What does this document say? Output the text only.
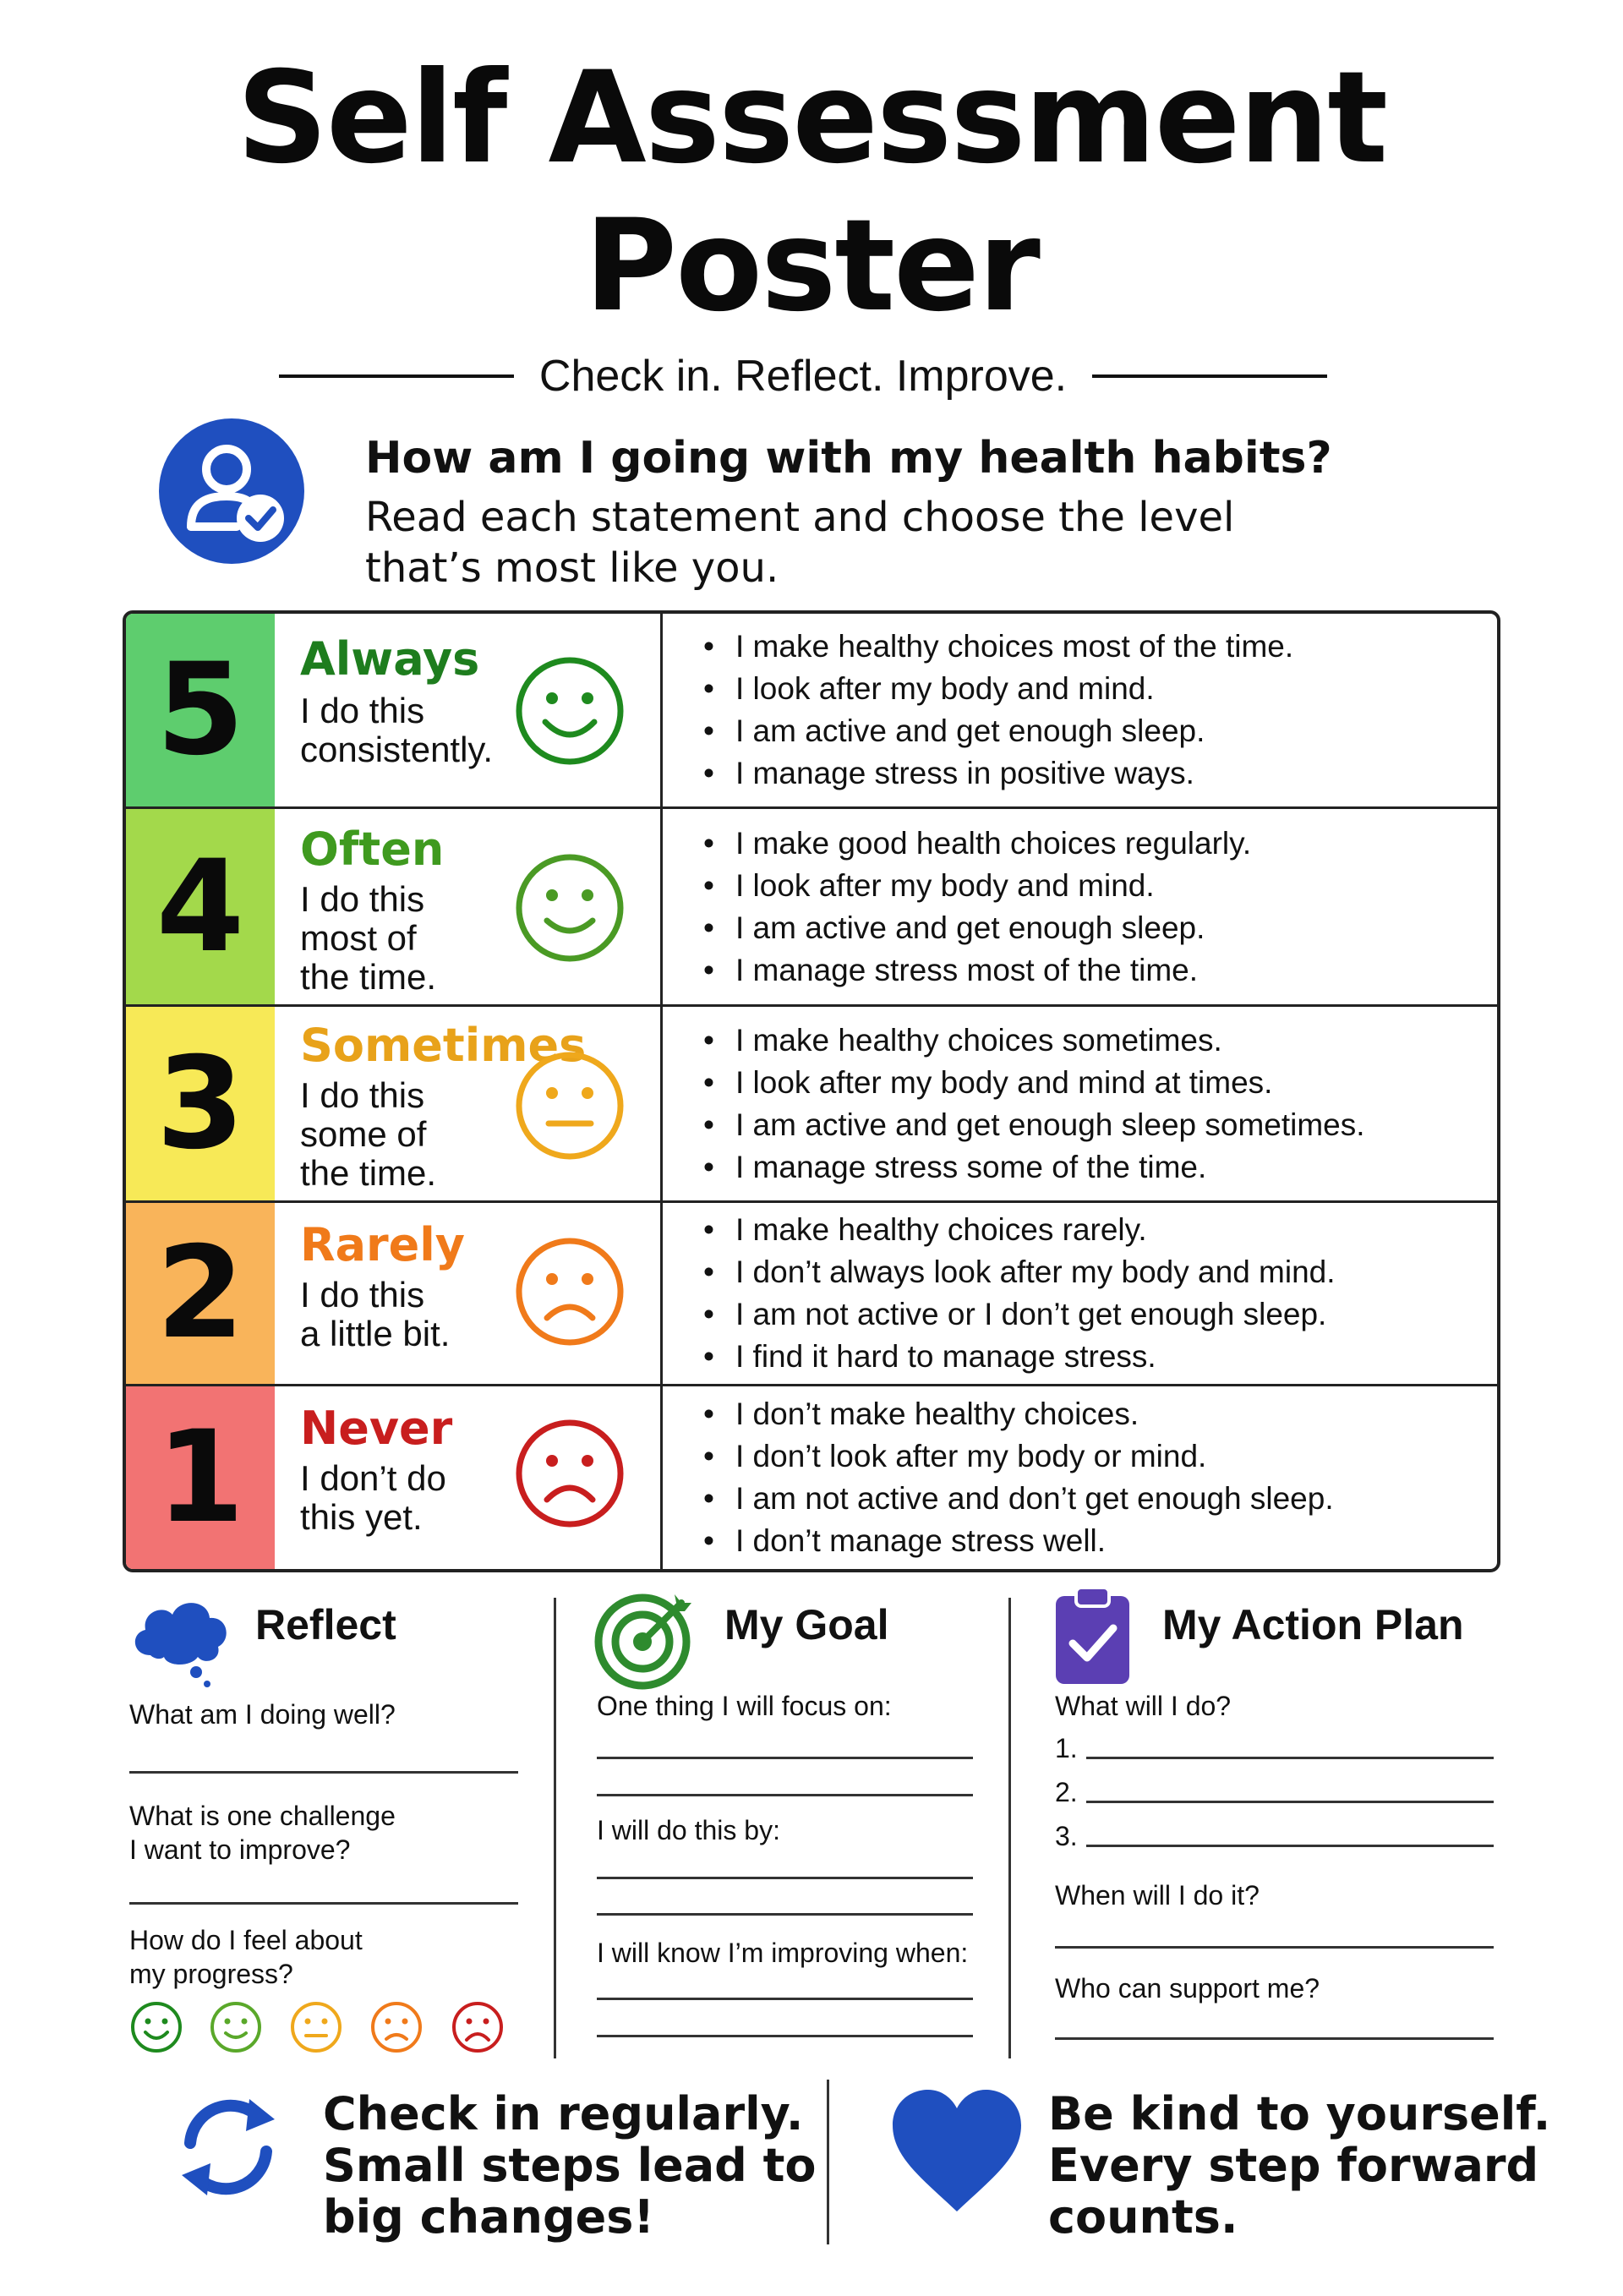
Self Assessment
Poster
Check in. Reflect. Improve.
How am I going with my health habits?
Read each statement and choose the level
that’s most like you.
5	Always
I do this
consistently.
• I make healthy choices most of the time.
• I look after my body and mind.
• I am active and get enough sleep.
• I manage stress in positive ways.
4	Often
I do this
most of
the time.
• I make good health choices regularly.
• I look after my body and mind.
• I am active and get enough sleep.
• I manage stress most of the time.
3	Sometimes
I do this
some of
the time.
• I make healthy choices sometimes.
• I look after my body and mind at times.
• I am active and get enough sleep sometimes.
• I manage stress some of the time.
2	Rarely
I do this
a little bit.
• I make healthy choices rarely.
• I don’t always look after my body and mind.
• I am not active or I don’t get enough sleep.
• I find it hard to manage stress.
1	Never
I don’t do
this yet.
• I don’t make healthy choices.
• I don’t look after my body or mind.
• I am not active and don’t get enough sleep.
• I don’t manage stress well.
Reflect
What am I doing well?
What is one challenge
I want to improve?
How do I feel about
my progress?
My Goal
One thing I will focus on:
I will do this by:
I will know I’m improving when:
My Action Plan
What will I do?
1.
2.
3.
When will I do it?
Who can support me?
Check in regularly.
Small steps lead to
big changes!
Be kind to yourself.
Every step forward
counts.
